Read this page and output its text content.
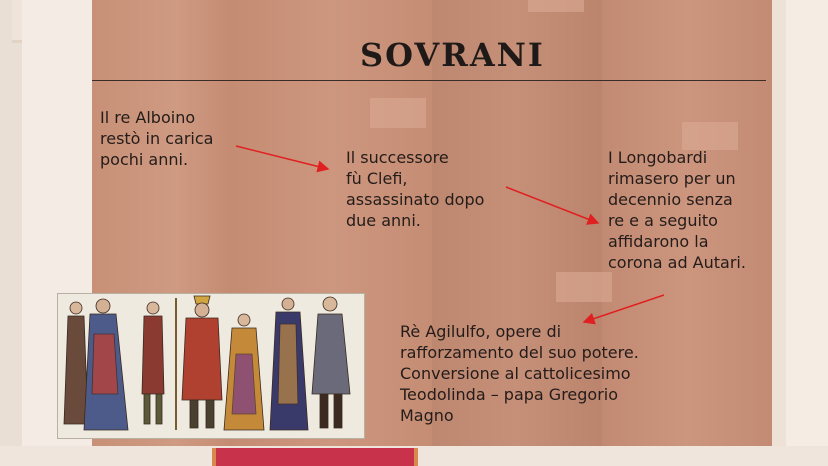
SOVRANI
Il re Alboino
restò in carica
pochi anni.	Il successore
fù Clefi,
assassinato dopo
due anni.
I Longobardi
rimasero per un
decennio senza
re e a seguito
affidarono la
corona ad Autari.
Rè Agilulfo, opere di
rafforzamento del suo potere.
Conversione al cattolicesimo
Teodolinda – papa Gregorio
Magno
